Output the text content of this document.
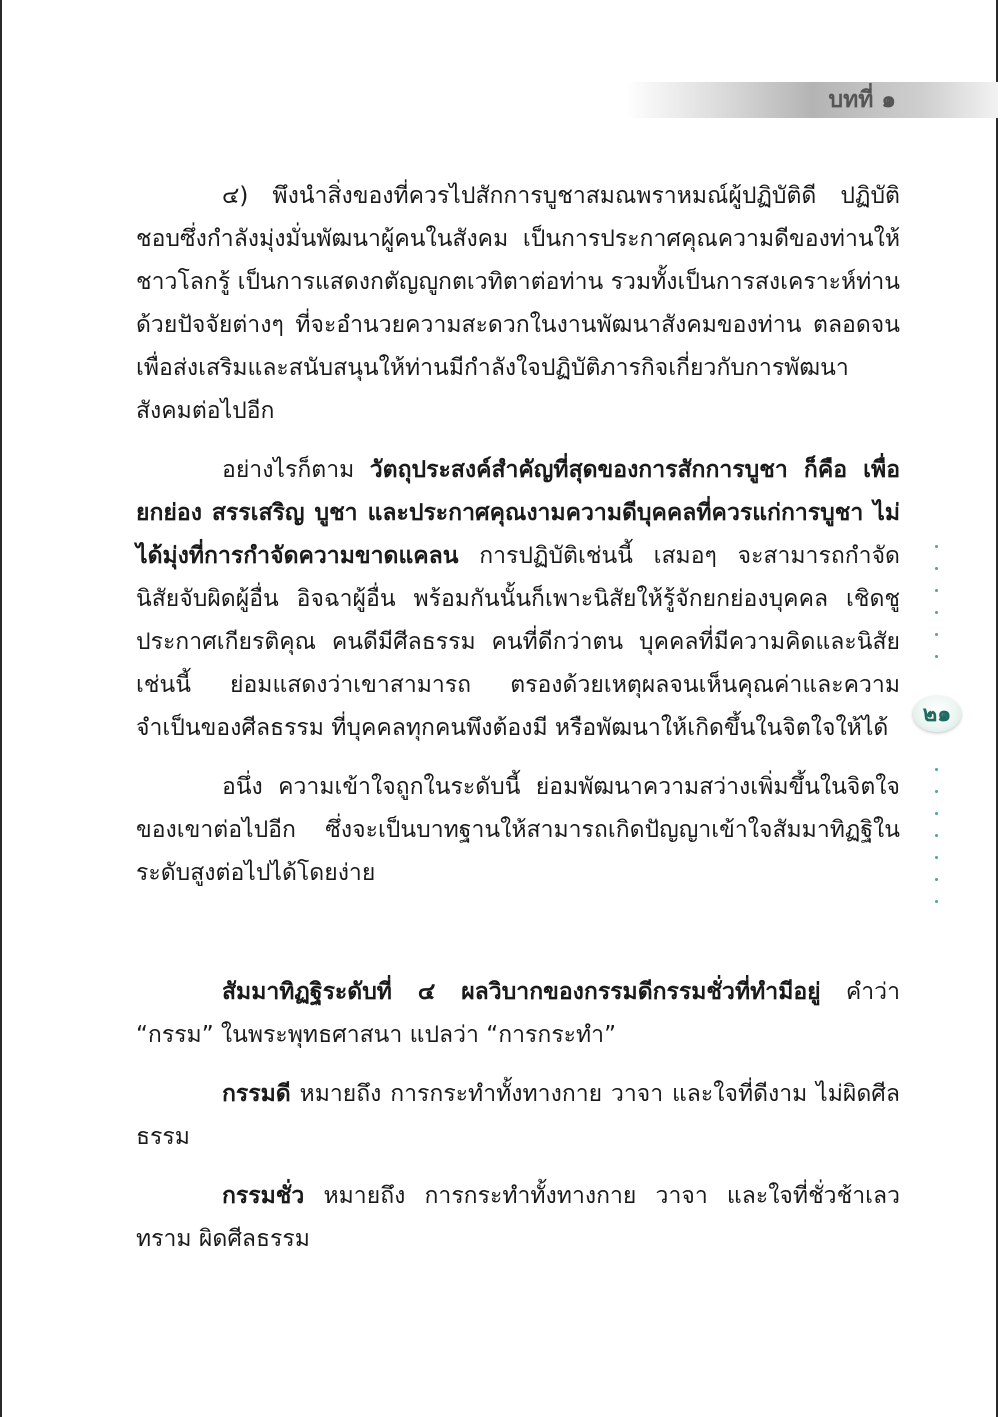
บทที่ ๑

๔) พึงนำสิ่งของที่ควรไปสักการบูชาสมณพราหมณ์ผู้ปฏิบัติดี ปฏิบัติชอบซึ่งกำลังมุ่งมั่นพัฒนาผู้คนในสังคม เป็นการประกาศคุณความดีของท่านให้ชาวโลกรู้ เป็นการแสดงกตัญญูกตเวทิตาต่อท่าน รวมทั้งเป็นการสงเคราะห์ท่านด้วยปัจจัยต่างๆ ที่จะอำนวยความสะดวกในงานพัฒนาสังคมของท่าน ตลอดจนเพื่อส่งเสริมและสนับสนุนให้ท่านมีกำลังใจปฏิบัติภารกิจเกี่ยวกับการพัฒนาสังคมต่อไปอีก

อย่างไรก็ตาม วัตถุประสงค์สำคัญที่สุดของการสักการบูชา ก็คือ เพื่อยกย่อง สรรเสริญ บูชา และประกาศคุณงามความดีบุคคลที่ควรแก่การบูชา ไม่ได้มุ่งที่การกำจัดความขาดแคลน การปฏิบัติเช่นนี้ เสมอๆ จะสามารถกำจัดนิสัยจับผิดผู้อื่น อิจฉาผู้อื่น พร้อมกันนั้นก็เพาะนิสัยให้รู้จักยกย่องบุคคล เชิดชู ประกาศเกียรติคุณ คนดีมีศีลธรรม คนที่ดีกว่าตน บุคคลที่มีความคิดและนิสัยเช่นนี้ ย่อมแสดงว่าเขาสามารถ ตรองด้วยเหตุผลจนเห็นคุณค่าและความจำเป็นของศีลธรรม ที่บุคคลทุกคนพึงต้องมี หรือพัฒนาให้เกิดขึ้นในจิตใจให้ได้

อนึ่ง ความเข้าใจถูกในระดับนี้ ย่อมพัฒนาความสว่างเพิ่มขึ้นในจิตใจของเขาต่อไปอีก ซึ่งจะเป็นบาทฐานให้สามารถเกิดปัญญาเข้าใจสัมมาทิฏฐิในระดับสูงต่อไปได้โดยง่าย

สัมมาทิฏฐิระดับที่ ๔ ผลวิบากของกรรมดีกรรมชั่วที่ทำมีอยู่ คำว่า “กรรม” ในพระพุทธศาสนา แปลว่า “การกระทำ”

กรรมดี หมายถึง การกระทำทั้งทางกาย วาจา และใจที่ดีงาม ไม่ผิดศีลธรรม

กรรมชั่ว หมายถึง การกระทำทั้งทางกาย วาจา และใจที่ชั่วช้าเลวทราม ผิดศีลธรรม

๒๑
